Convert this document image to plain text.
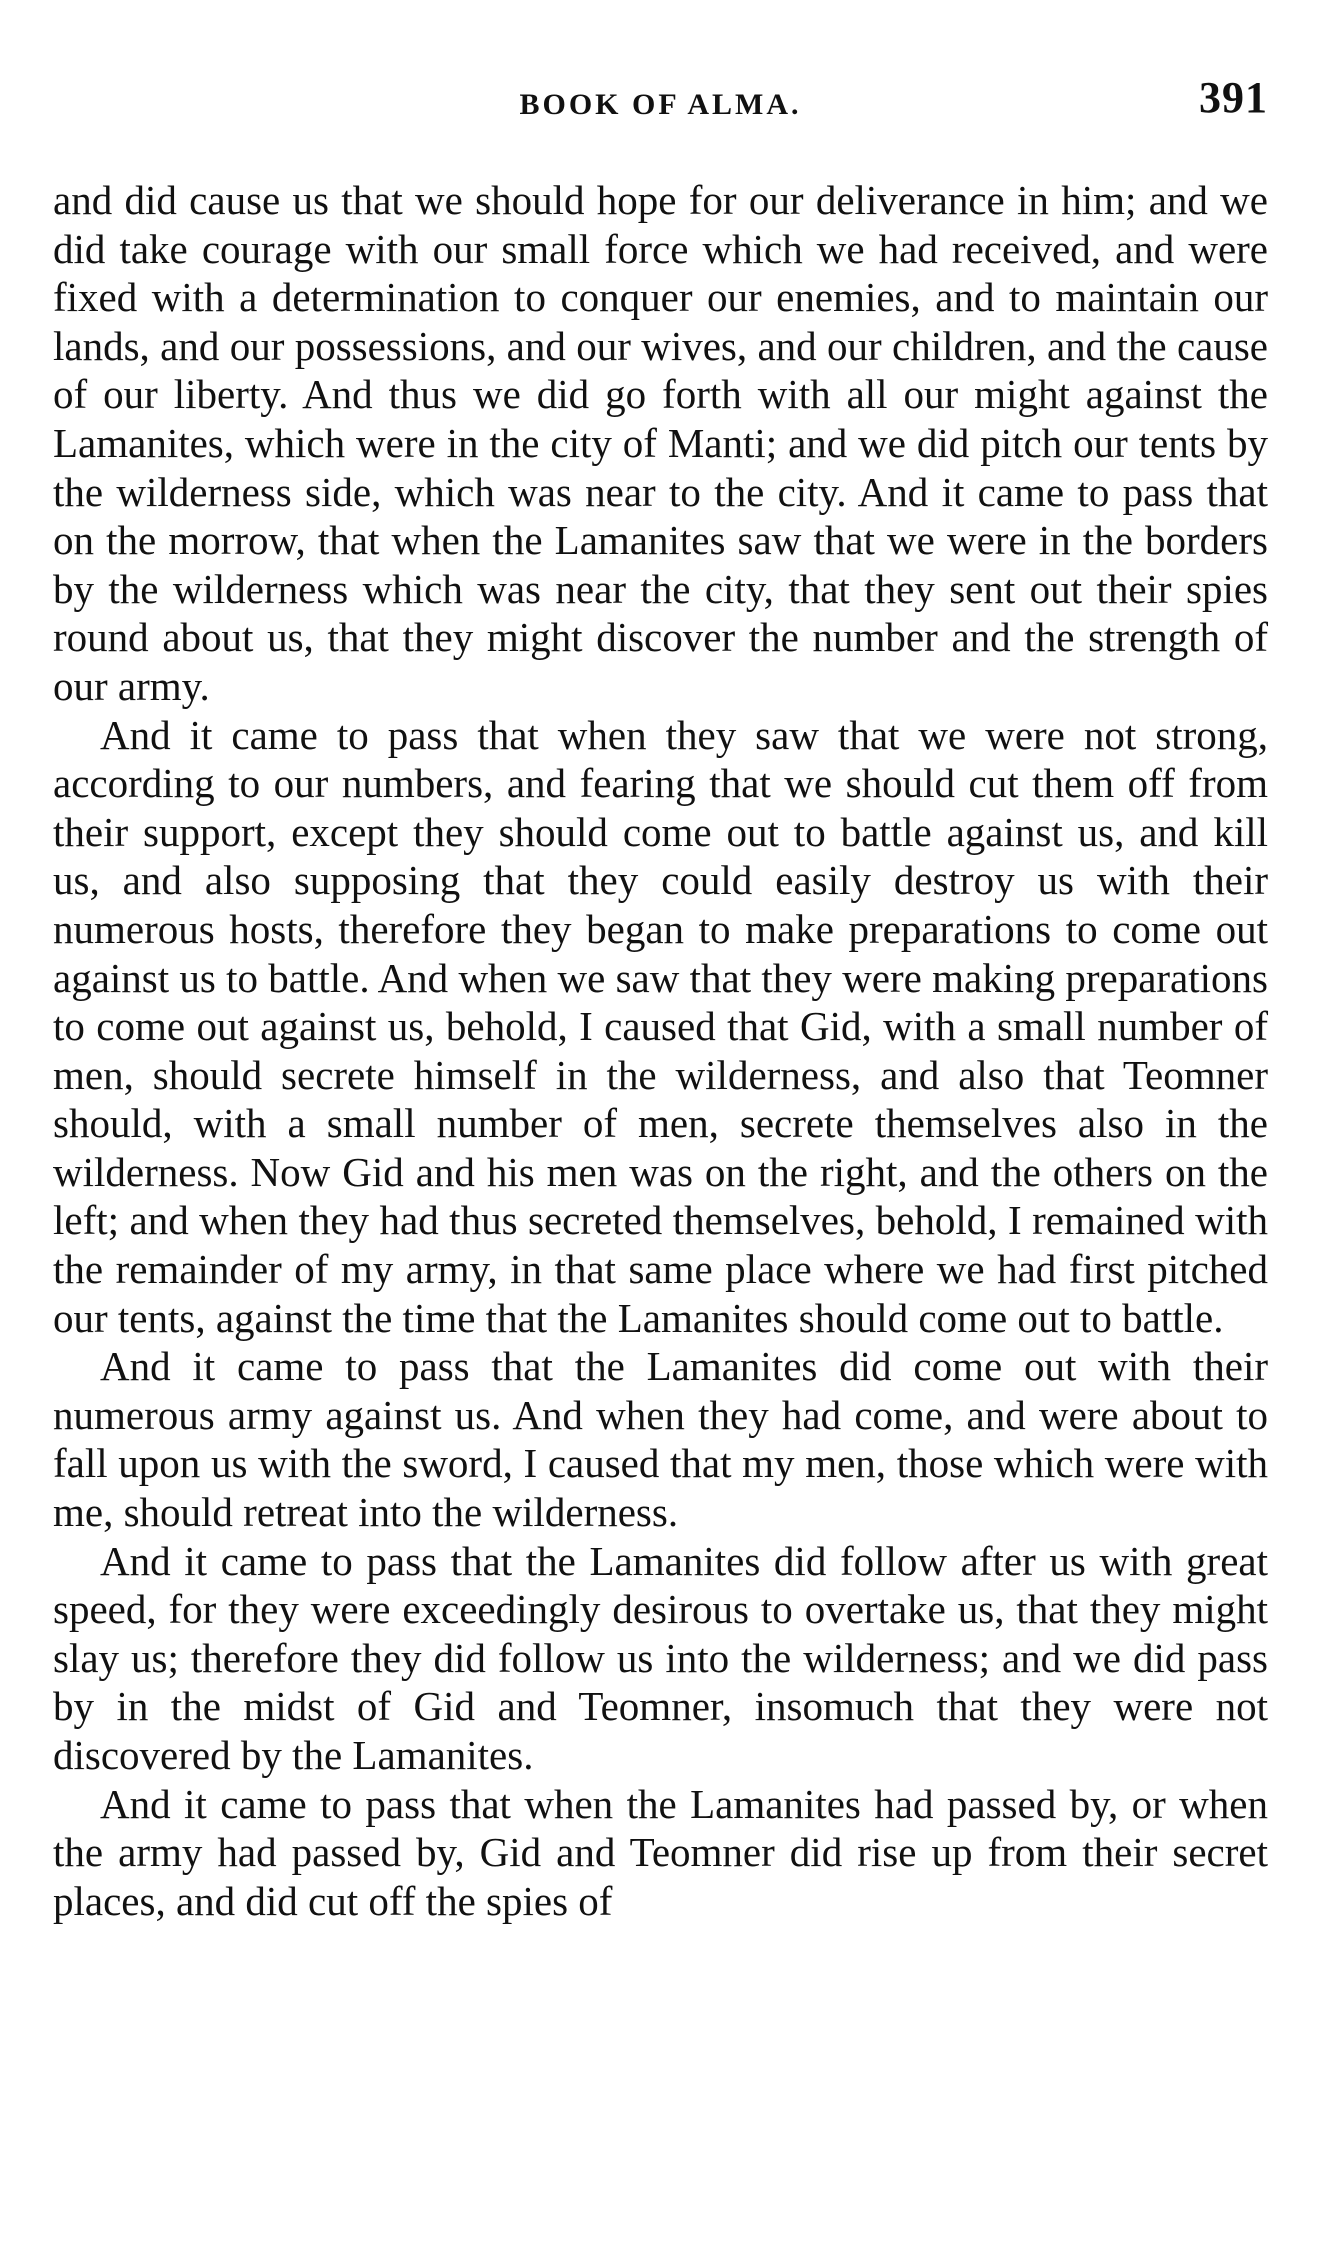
BOOK OF ALMA.	391

and did cause us that we should hope for our deliverance in him; and we did take courage with our small force which we had received, and were fixed with a determination to conquer our enemies, and to maintain our lands, and our possessions, and our wives, and our children, and the cause of our liberty. And thus we did go forth with all our might against the Lamanites, which were in the city of Manti; and we did pitch our tents by the wilderness side, which was near to the city. And it came to pass that on the morrow, that when the Lamanites saw that we were in the borders by the wilderness which was near the city, that they sent out their spies round about us, that they might discover the number and the strength of our army.

And it came to pass that when they saw that we were not strong, according to our numbers, and fearing that we should cut them off from their support, except they should come out to battle against us, and kill us, and also supposing that they could easily destroy us with their numerous hosts, therefore they began to make preparations to come out against us to battle. And when we saw that they were making preparations to come out against us, behold, I caused that Gid, with a small number of men, should secrete himself in the wilderness, and also that Teomner should, with a small number of men, secrete themselves also in the wilderness. Now Gid and his men was on the right, and the others on the left; and when they had thus secreted themselves, behold, I remained with the remainder of my army, in that same place where we had first pitched our tents, against the time that the Lamanites should come out to battle.

And it came to pass that the Lamanites did come out with their numerous army against us. And when they had come, and were about to fall upon us with the sword, I caused that my men, those which were with me, should retreat into the wilderness.

And it came to pass that the Lamanites did follow after us with great speed, for they were exceedingly desirous to overtake us, that they might slay us; therefore they did follow us into the wilderness; and we did pass by in the midst of Gid and Teomner, insomuch that they were not discovered by the Lamanites.

And it came to pass that when the Lamanites had passed by, or when the army had passed by, Gid and Teomner did rise up from their secret places, and did cut off the spies of
